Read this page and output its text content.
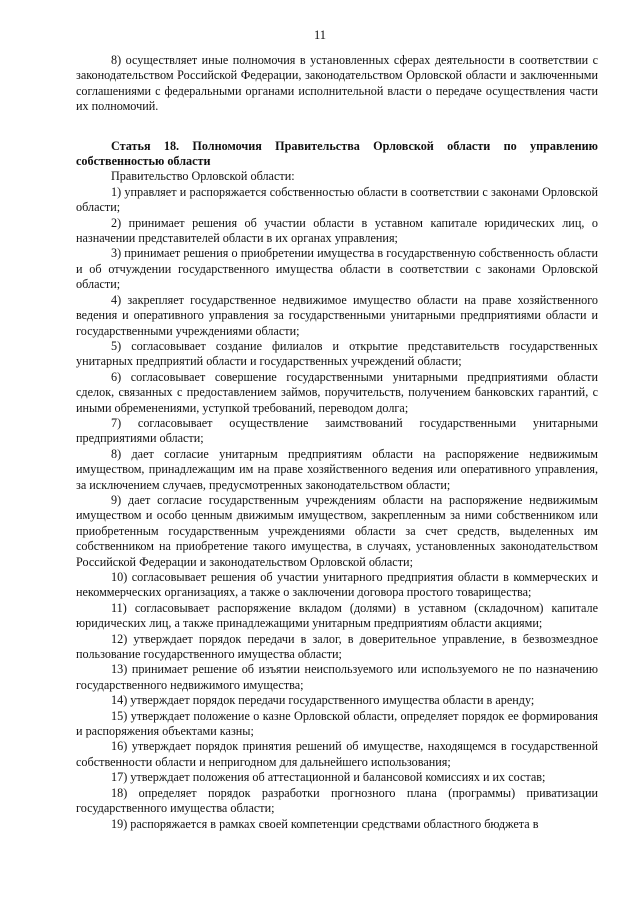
11

8) осуществляет иные полномочия в установленных сферах деятельности в соответствии с законодательством Российской Федерации, законодательством Орловской области и заключенными соглашениями с федеральными органами исполнительной власти о передаче осуществления части их полномочий.

Статья 18. Полномочия Правительства Орловской области по управлению собственностью области

Правительство Орловской области:

1) управляет и распоряжается собственностью области в соответствии с законами Орловской области;

2) принимает решения об участии области в уставном капитале юридических лиц, о назначении представителей области в их органах управления;

3) принимает решения о приобретении имущества в государственную собственность области и об отчуждении государственного имущества области в соответствии с законами Орловской области;

4) закрепляет государственное недвижимое имущество области на праве хозяйственного ведения и оперативного управления за государственными унитарными предприятиями области и государственными учреждениями области;

5) согласовывает создание филиалов и открытие представительств государственных унитарных предприятий области и государственных учреждений области;

6) согласовывает совершение государственными унитарными предприятиями области сделок, связанных с предоставлением займов, поручительств, получением банковских гарантий, с иными обременениями, уступкой требований, переводом долга;

7) согласовывает осуществление заимствований государственными унитарными предприятиями области;

8) дает согласие унитарным предприятиям области на распоряжение недвижимым имуществом, принадлежащим им на праве хозяйственного ведения или оперативного управления, за исключением случаев, предусмотренных законодательством области;

9) дает согласие государственным учреждениям области на распоряжение недвижимым имуществом и особо ценным движимым имуществом, закрепленным за ними собственником или приобретенным государственным учреждениями области за счет средств, выделенных им собственником на приобретение такого имущества, в случаях, установленных законодательством Российской Федерации и законодательством Орловской области;

10) согласовывает решения об участии унитарного предприятия области в коммерческих и некоммерческих организациях, а также о заключении договора простого товарищества;

11) согласовывает распоряжение вкладом (долями) в уставном (складочном) капитале юридических лиц, а также принадлежащими унитарным предприятиям области акциями;

12) утверждает порядок передачи в залог, в доверительное управление, в безвозмездное пользование государственного имущества области;

13) принимает решение об изъятии неиспользуемого или используемого не по назначению государственного недвижимого имущества;

14) утверждает порядок передачи государственного имущества области в аренду;

15) утверждает положение о казне Орловской области, определяет порядок ее формирования и распоряжения объектами казны;

16) утверждает порядок принятия решений об имуществе, находящемся в государственной собственности области и непригодном для дальнейшего использования;

17) утверждает положения об аттестационной и балансовой комиссиях и их состав;

18) определяет порядок разработки прогнозного плана (программы) приватизации государственного имущества области;

19) распоряжается в рамках своей компетенции средствами областного бюджета в
